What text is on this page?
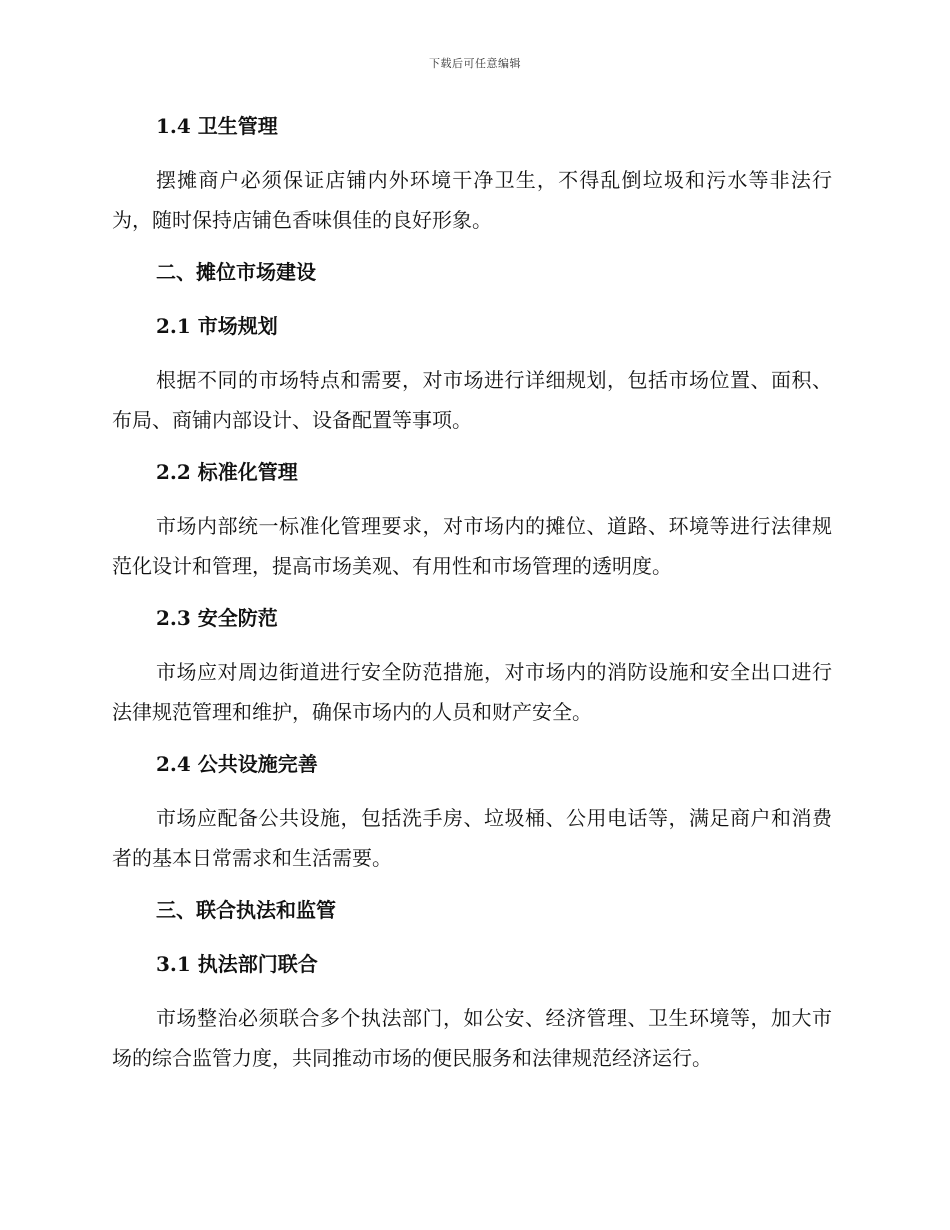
下载后可任意编辑
1.4 卫生管理

摆摊商户必须保证店铺内外环境干净卫生，不得乱倒垃圾和污水等非法行为，随时保持店铺色香味俱佳的良好形象。

二、摊位市场建设
2.1 市场规划

根据不同的市场特点和需要，对市场进行详细规划，包括市场位置、面积、布局、商铺内部设计、设备配置等事项。

2.2 标准化管理

市场内部统一标准化管理要求，对市场内的摊位、道路、环境等进行法律规范化设计和管理，提高市场美观、有用性和市场管理的透明度。

2.3 安全防范

市场应对周边街道进行安全防范措施，对市场内的消防设施和安全出口进行法律规范管理和维护，确保市场内的人员和财产安全。

2.4 公共设施完善

市场应配备公共设施，包括洗手房、垃圾桶、公用电话等，满足商户和消费者的基本日常需求和生活需要。

三、联合执法和监管
3.1 执法部门联合

市场整治必须联合多个执法部门，如公安、经济管理、卫生环境等，加大市场的综合监管力度，共同推动市场的便民服务和法律规范经济运行。
